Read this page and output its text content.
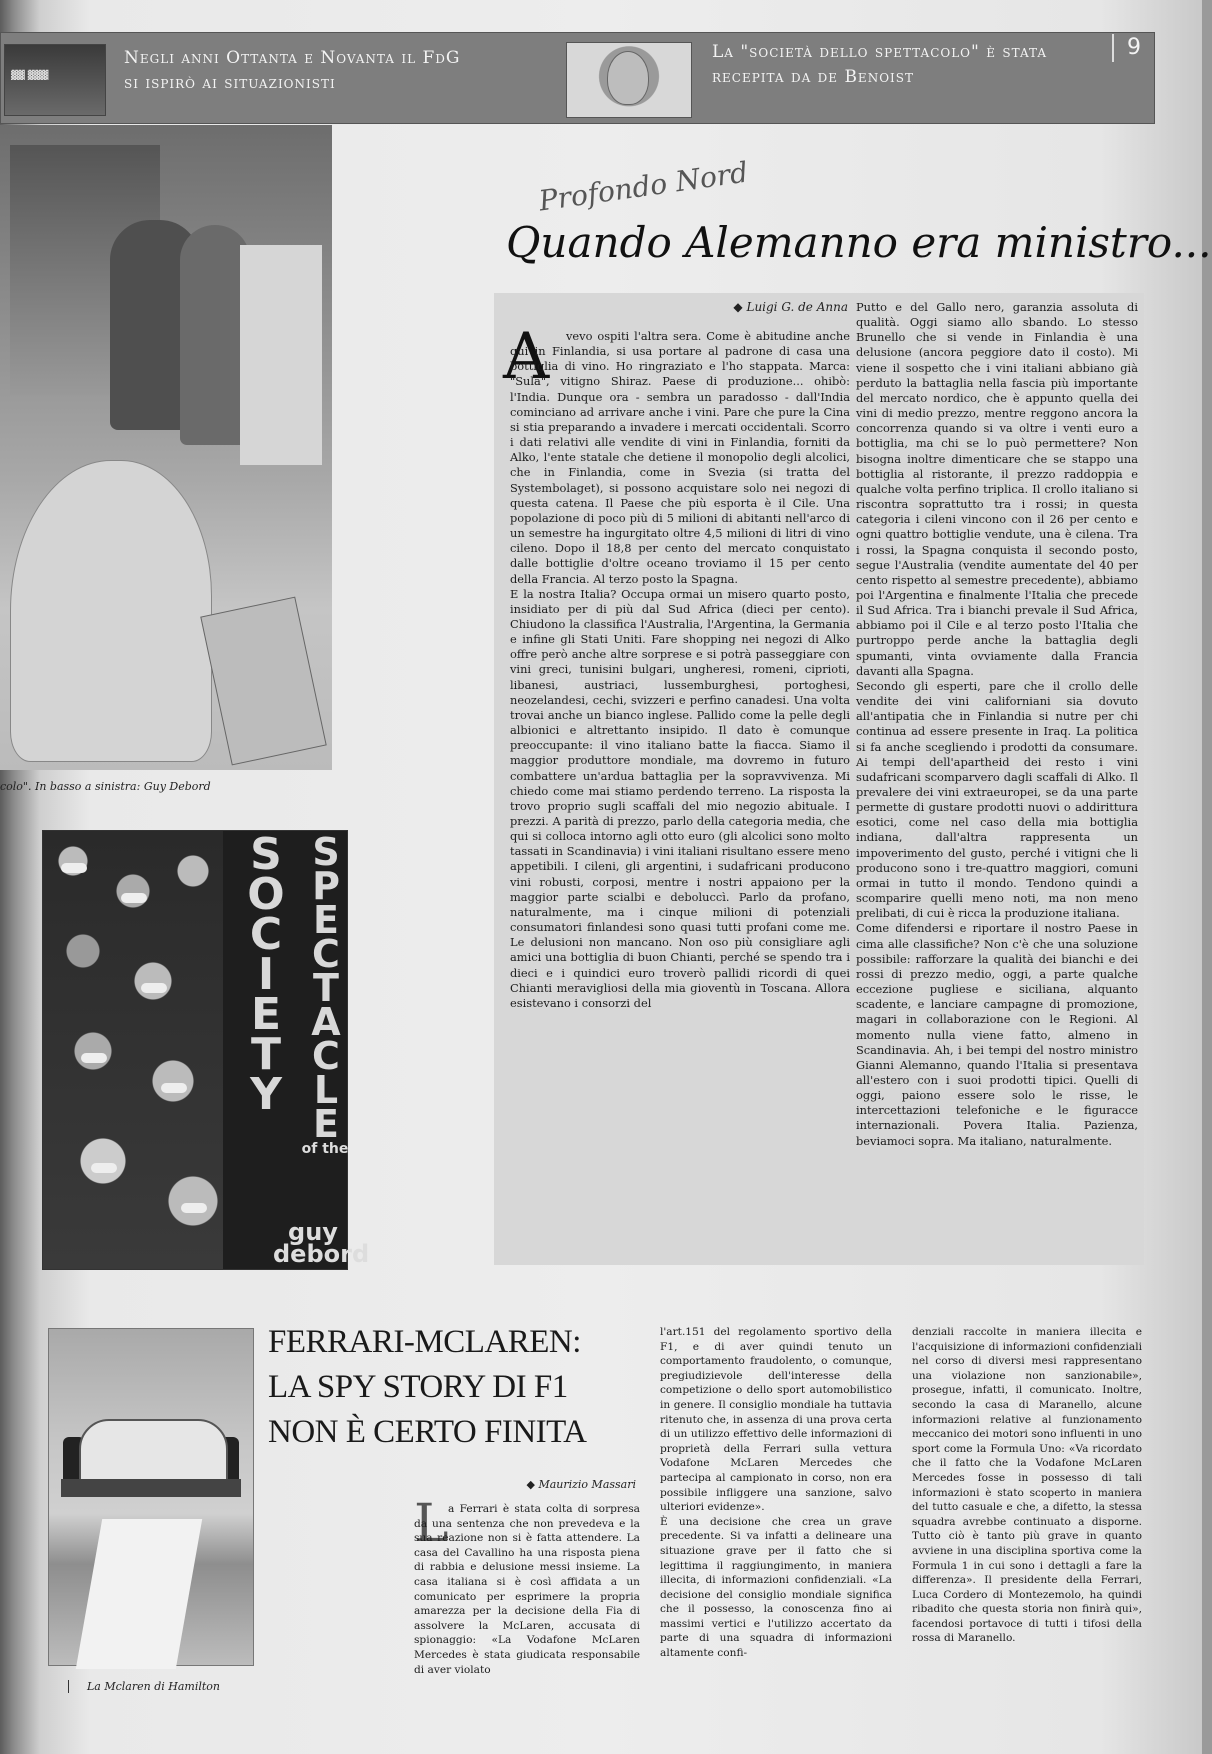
▓▓ ▓▓▓
Negli anni Ottanta e Novanta il FdG si ispirò ai situazionisti
La "società dello spettacolo" è stata recepita da de Benoist
9
colo". In basso a sinistra: Guy Debord
S
O
C
I
E
T
Y
S
P
E
C
T
A
C
L
E
of the
guy debord
Profondo Nord
Quando Alemanno era ministro...
◆ Luigi G. de Anna
A	vevo ospiti l'altra sera. Come è abitudine anche qui in Finlandia, si usa portare al padrone di casa una bottiglia di vino. Ho ringraziato e l'ho stappata. Marca: "Sula", vitigno Shiraz. Paese di produzione... ohibò: l'India. Dunque ora - sembra un paradosso - dall'India cominciano ad arrivare anche i vini. Pare che pure la Cina si stia preparando a invadere i mercati occidentali. Scorro i dati relativi alle vendite di vini in Finlandia, forniti da Alko, l'ente statale che detiene il monopolio degli alcolici, che in Finlandia, come in Svezia (si tratta del Systembolaget), si possono acquistare solo nei negozi di questa catena. Il Paese che più esporta è il Cile. Una popolazione di poco più di 5 milioni di abitanti nell'arco di un semestre ha ingurgitato oltre 4,5 milioni di litri di vino cileno. Dopo il 18,8 per cento del mercato conquistato dalle bottiglie d'oltre oceano troviamo il 15 per cento della Francia. Al terzo posto la Spagna.
E la nostra Italia? Occupa ormai un misero quarto posto, insidiato per di più dal Sud Africa (dieci per cento). Chiudono la classifica l'Australia, l'Argentina, la Germania e infine gli Stati Uniti. Fare shopping nei negozi di Alko offre però anche altre sorprese e si potrà passeggiare con vini greci, tunisini bulgari, ungheresi, romeni, ciprioti, libanesi, austriaci, lussemburghesi, portoghesi, neozelandesi, cechi, svizzeri e perfino canadesi. Una volta trovai anche un bianco inglese. Pallido come la pelle degli albionici e altrettanto insipido. Il dato è comunque preoccupante: il vino italiano batte la fiacca. Siamo il maggior produttore mondiale, ma dovremo in futuro combattere un'ardua battaglia per la sopravvivenza. Mi chiedo come mai stiamo perdendo terreno. La risposta la trovo proprio sugli scaffali del mio negozio abituale. I prezzi. A parità di prezzo, parlo della categoria media, che qui si colloca intorno agli otto euro (gli alcolici sono molto tassati in Scandinavia) i vini italiani risultano essere meno appetibili. I cileni, gli argentini, i sudafricani producono vini robusti, corposi, mentre i nostri appaiono per la maggior parte scialbi e deboluccì. Parlo da profano, naturalmente, ma i cinque milioni di potenziali consumatori finlandesi sono quasi tutti profani come me. Le delusioni non mancano. Non oso più consigliare agli amici una bottiglia di buon Chianti, perché se spendo tra i dieci e i quindici euro troverò pallidi ricordi di quei Chianti meravigliosi della mia gioventù in Toscana. Allora esistevano i consorzi del
Putto e del Gallo nero, garanzia assoluta di qualità. Oggi siamo allo sbando. Lo stesso Brunello che si vende in Finlandia è una delusione (ancora peggiore dato il costo). Mi viene il sospetto che i vini italiani abbiano già perduto la battaglia nella fascia più importante del mercato nordico, che è appunto quella dei vini di medio prezzo, mentre reggono ancora la concorrenza quando si va oltre i venti euro a bottiglia, ma chi se lo può permettere? Non bisogna inoltre dimenticare che se stappo una bottiglia al ristorante, il prezzo raddoppia e qualche volta perfino triplica. Il crollo italiano si riscontra soprattutto tra i rossi; in questa categoria i cileni vincono con il 26 per cento e ogni quattro bottiglie vendute, una è cilena. Tra i rossi, la Spagna conquista il secondo posto, segue l'Australia (vendite aumentate del 40 per cento rispetto al semestre precedente), abbiamo poi l'Argentina e finalmente l'Italia che precede il Sud Africa. Tra i bianchi prevale il Sud Africa, abbiamo poi il Cile e al terzo posto l'Italia che purtroppo perde anche la battaglia degli spumanti, vinta ovviamente dalla Francia davanti alla Spagna.
Secondo gli esperti, pare che il crollo delle vendite dei vini californiani sia dovuto all'antipatia che in Finlandia si nutre per chi continua ad essere presente in Iraq. La politica si fa anche scegliendo i prodotti da consumare. Ai tempi dell'apartheid dei resto i vini sudafricani scomparvero dagli scaffali di Alko. Il prevalere dei vini extraeuropei, se da una parte permette di gustare prodotti nuovi o addirittura esotici, come nel caso della mia bottiglia indiana, dall'altra rappresenta un impoverimento del gusto, perché i vitigni che li producono sono i tre-quattro maggiori, comuni ormai in tutto il mondo. Tendono quindi a scomparire quelli meno noti, ma non meno prelibati, di cui è ricca la produzione italiana.
Come difendersi e riportare il nostro Paese in cima alle classifiche? Non c'è che una soluzione possibile: rafforzare la qualità dei bianchi e dei rossi di prezzo medio, oggi, a parte qualche eccezione pugliese e siciliana, alquanto scadente, e lanciare campagne di promozione, magari in collaborazione con le Regioni. Al momento nulla viene fatto, almeno in Scandinavia. Ah, i bei tempi del nostro ministro Gianni Alemanno, quando l'Italia si presentava all'estero con i suoi prodotti tipici. Quelli di oggi, paiono essere solo le risse, le intercettazioni telefoniche e le figuracce internazionali. Povera Italia. Pazienza, beviamoci sopra. Ma italiano, naturalmente.
La Mclaren di Hamilton
FERRARI-MCLAREN: LA SPY STORY DI F1 NON È CERTO FINITA
◆ Maurizio Massari
L a Ferrari è stata colta di sorpresa da una sentenza che non prevedeva e la sua reazione non si è fatta attendere. La casa del Cavallino ha una risposta piena di rabbia e delusione messi insieme. La casa italiana si è così affidata a un comunicato per esprimere la propria amarezza per la decisione della Fia di assolvere la McLaren, accusata di spionaggio: «La Vodafone McLaren Mercedes è stata giudicata responsabile di aver violato
l'art.151 del regolamento sportivo della F1, e di aver quindi tenuto un comportamento fraudolento, o comunque, pregiudizievole dell'interesse della competizione o dello sport automobilistico in genere. Il consiglio mondiale ha tuttavia ritenuto che, in assenza di una prova certa di un utilizzo effettivo delle informazioni di proprietà della Ferrari sulla vettura Vodafone McLaren Mercedes che partecipa al campionato in corso, non era possibile infliggere una sanzione, salvo ulteriori evidenze».
È una decisione che crea un grave precedente. Si va infatti a delineare una situazione grave per il fatto che si legittima il raggiungimento, in maniera illecita, di informazioni confidenziali. «La decisione del consiglio mondiale significa che il possesso, la conoscenza fino ai massimi vertici e l'utilizzo accertato da parte di una squadra di informazioni altamente confi-
denziali raccolte in maniera illecita e l'acquisizione di informazioni confidenziali nel corso di diversi mesi rappresentano una violazione non sanzionabile», prosegue, infatti, il comunicato. Inoltre, secondo la casa di Maranello, alcune informazioni relative al funzionamento meccanico dei motori sono influenti in uno sport come la Formula Uno: «Va ricordato che il fatto che la Vodafone McLaren Mercedes fosse in possesso di tali informazioni è stato scoperto in maniera del tutto casuale e che, a difetto, la stessa squadra avrebbe continuato a disporne. Tutto ciò è tanto più grave in quanto avviene in una disciplina sportiva come la Formula 1 in cui sono i dettagli a fare la differenza». Il presidente della Ferrari, Luca Cordero di Montezemolo, ha quindi ribadito che questa storia non finirà qui», facendosi portavoce di tutti i tifosi della rossa di Maranello.
